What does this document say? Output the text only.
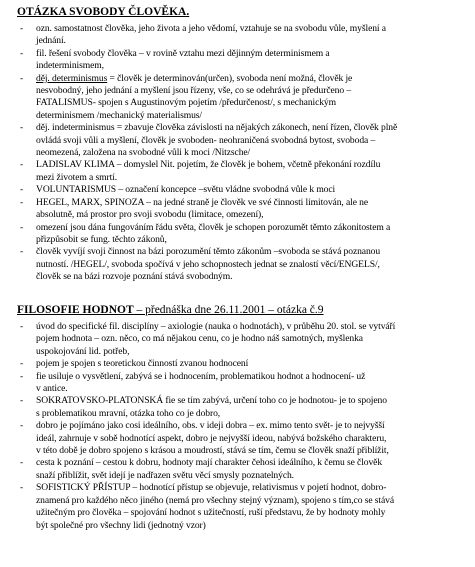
OTÁZKA SVOBODY ČLOVĚKA.
- ozn. samostatnost člověka, jeho života a jeho vědomí, vztahuje se na svobodu vůle, myšlení a
jednání.
- fil. řešení svobody člověka – v rovině vztahu mezi dějinným determinismem a
indeterminismem,
- děj. determinismus = člověk je determinován(určen), svoboda není možná, člověk je
nesvobodný, jeho jednání a myšlení jsou řízeny, vše, co se odehrává je předurčeno –
FATALISMUS- spojen s Augustinovým pojetím /předurčenost/, s mechanickým
determinismem /mechanický materialismus/
- děj. indeterminismus = zbavuje člověka závislosti na nějakých zákonech, není řízen, člověk plně
ovládá svoji vůli a myšlení, člověk je svoboden- neohraničená svobodná bytost, svoboda –
neomezená, založena na svobodné vůli k moci /Nitzsche/
- LADISLAV KLIMA – domyslel Nit. pojetím, že člověk je bohem, včetně překonání rozdílu
mezi životem a smrtí.
- VOLUNTARISMUS – označení koncepce –světu vládne svobodná vůle k moci
- HEGEL, MARX, SPINOZA – na jedné straně je člověk ve své činnosti limitován, ale ne
absolutně, má prostor pro svoji svobodu (limitace, omezení),
- omezení jsou dána fungováním řádu světa, člověk je schopen porozumět těmto zákonitostem a
přizpůsobit se fung. těchto zákonů,
- člověk vyvíjí svoji činnost na bázi porozumění těmto zákonům –svoboda se stává poznanou
nutností. /HEGEL/, svoboda spočívá v jeho schopnostech jednat se znalostí věcí/ENGELS/,
člověk se na bázi rozvoje poznání stává svobodným.
FILOSOFIE HODNOT – přednáška dne 26.11.2001 – otázka č.9
- úvod do specifické fil. disciplíny – axiologie (nauka o hodnotách), v průběhu 20. stol. se vytváří
pojem hodnota – ozn. něco, co má nějakou cenu, co je hodno náš samotných, myšlenka
uspokojování lid. potřeb,
- pojem je spojen s teoretickou činností zvanou hodnocení
- fie usiluje o vysvětlení, zabývá se i hodnocením, problematikou hodnot a hodnocení- už
v antice.
- SOKRATOVSKO-PLATONSKÁ fie se tím zabývá, určení toho co je hodnotou- je to spojeno
s problematikou mravní, otázka toho co je dobro,
- dobro je pojímáno jako cosi ideálního, obs. v ideji dobra – ex. mimo tento svět- je to nejvyšší
ideál, zahrnuje v sobě hodnotící aspekt, dobro je nejvyšší ideou, nabývá božského charakteru,
v této době je dobro spojeno s krásou a moudrostí, stává se tím, čemu se člověk snaží přiblížit,
- cesta k poznání – cestou k dobru, hodnoty mají charakter čehosi ideálního, k čemu se člověk
snaží přiblížit, svět idejí je nadřazen světu věcí smysly poznatelných.
- SOFISTICKÝ PŘÍSTUP – hodnotící přístup se objevuje, relativismus v pojetí hodnot, dobro-
znamená pro každého něco jiného (nemá pro všechny stejný význam), spojeno s tím,co se stává
užitečným pro člověka – spojování hodnot s užitečností, ruší představu, že by hodnoty mohly
být společné pro všechny lidi (jednotný vzor)
